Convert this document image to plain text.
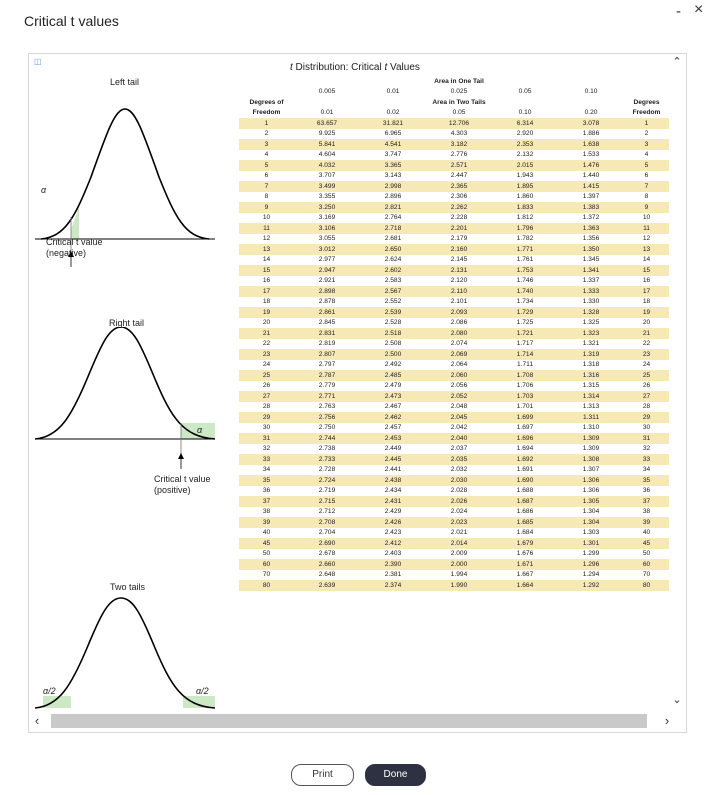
Critical t values
- ×
◫
Left tail
α
Critical t value
(negative)
Right tail
α
Critical t value
(positive)
Two tails
α/2	α/2
t Distribution: Critical t Values
			Area in One Tail			
	0.005	0.01	0.025	0.05	0.10	
Degrees of			Area in Two Tails			Degrees
Freedom	0.01	0.02	0.05	0.10	0.20	Freedom
1	63.657	31.821	12.706	6.314	3.078	1
2	9.925	6.965	4.303	2.920	1.886	2
3	5.841	4.541	3.182	2.353	1.638	3
4	4.604	3.747	2.776	2.132	1.533	4
5	4.032	3.365	2.571	2.015	1.476	5
6	3.707	3.143	2.447	1.943	1.440	6
7	3.499	2.998	2.365	1.895	1.415	7
8	3.355	2.896	2.306	1.860	1.397	8
9	3.250	2.821	2.262	1.833	1.383	9
10	3.169	2.764	2.228	1.812	1.372	10
11	3.106	2.718	2.201	1.796	1.363	11
12	3.055	2.681	2.179	1.782	1.356	12
13	3.012	2.650	2.160	1.771	1.350	13
14	2.977	2.624	2.145	1.761	1.345	14
15	2.947	2.602	2.131	1.753	1.341	15
16	2.921	2.583	2.120	1.746	1.337	16
17	2.898	2.567	2.110	1.740	1.333	17
18	2.878	2.552	2.101	1.734	1.330	18
19	2.861	2.539	2.093	1.729	1.328	19
20	2.845	2.528	2.086	1.725	1.325	20
21	2.831	2.518	2.080	1.721	1.323	21
22	2.819	2.508	2.074	1.717	1.321	22
23	2.807	2.500	2.069	1.714	1.319	23
24	2.797	2.492	2.064	1.711	1.318	24
25	2.787	2.485	2.060	1.708	1.316	25
26	2.779	2.479	2.056	1.706	1.315	26
27	2.771	2.473	2.052	1.703	1.314	27
28	2.763	2.467	2.048	1.701	1.313	28
29	2.756	2.462	2.045	1.699	1.311	29
30	2.750	2.457	2.042	1.697	1.310	30
31	2.744	2.453	2.040	1.696	1.309	31
32	2.738	2.449	2.037	1.694	1.309	32
33	2.733	2.445	2.035	1.692	1.308	33
34	2.728	2.441	2.032	1.691	1.307	34
35	2.724	2.438	2.030	1.690	1.306	35
36	2.719	2.434	2.028	1.688	1.306	36
37	2.715	2.431	2.026	1.687	1.305	37
38	2.712	2.429	2.024	1.686	1.304	38
39	2.708	2.426	2.023	1.685	1.304	39
40	2.704	2.423	2.021	1.684	1.303	40
45	2.690	2.412	2.014	1.679	1.301	45
50	2.678	2.403	2.009	1.676	1.299	50
60	2.660	2.390	2.000	1.671	1.296	60
70	2.648	2.381	1.994	1.667	1.294	70
80	2.639	2.374	1.990	1.664	1.292	80
⌃
⌄
‹	›
Print	Done
